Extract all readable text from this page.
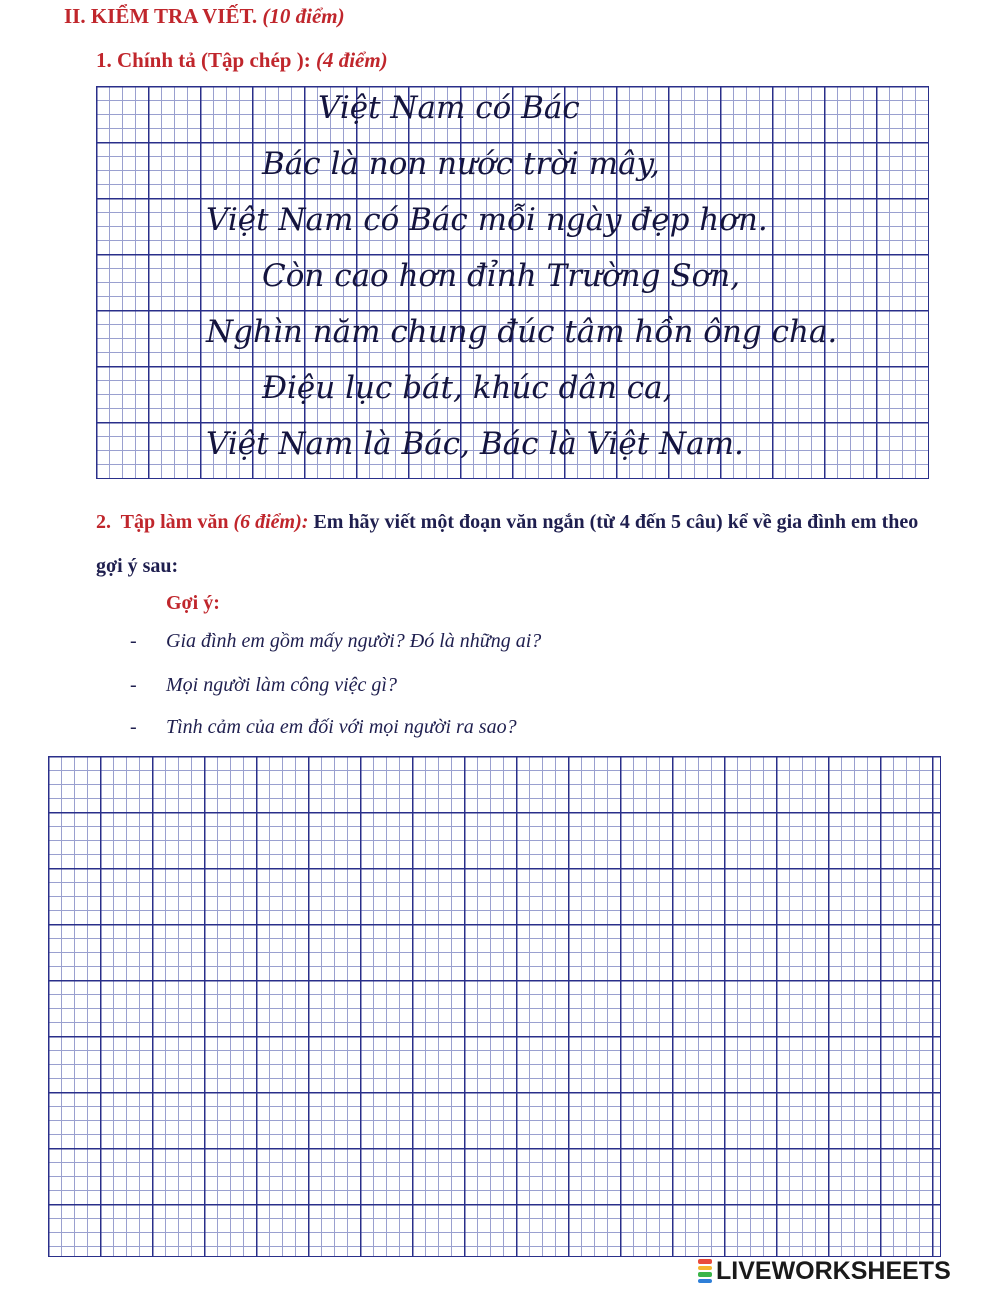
II. KIỂM TRA VIẾT. (10 điểm)
1. Chính tả (Tập chép ): (4 điểm)
Việt Nam có Bác
Bác là non nước trời mây,
Việt Nam có Bác mỗi ngày đẹp hơn.
Còn cao hơn đỉnh Trường Sơn,
Nghìn năm chung đúc tâm hồn ông cha.
Điệu lục bát, khúc dân ca,
Việt Nam là Bác, Bác là Việt Nam.
2. Tập làm văn (6 điểm): Em hãy viết một đoạn văn ngắn (từ 4 đến 5 câu) kể về gia đình em theo gợi ý sau:
Gợi ý:
- Gia đình em gồm mấy người? Đó là những ai?
- Mọi người làm công việc gì?
- Tình cảm của em đối với mọi người ra sao?
LIVEWORKSHEETS
